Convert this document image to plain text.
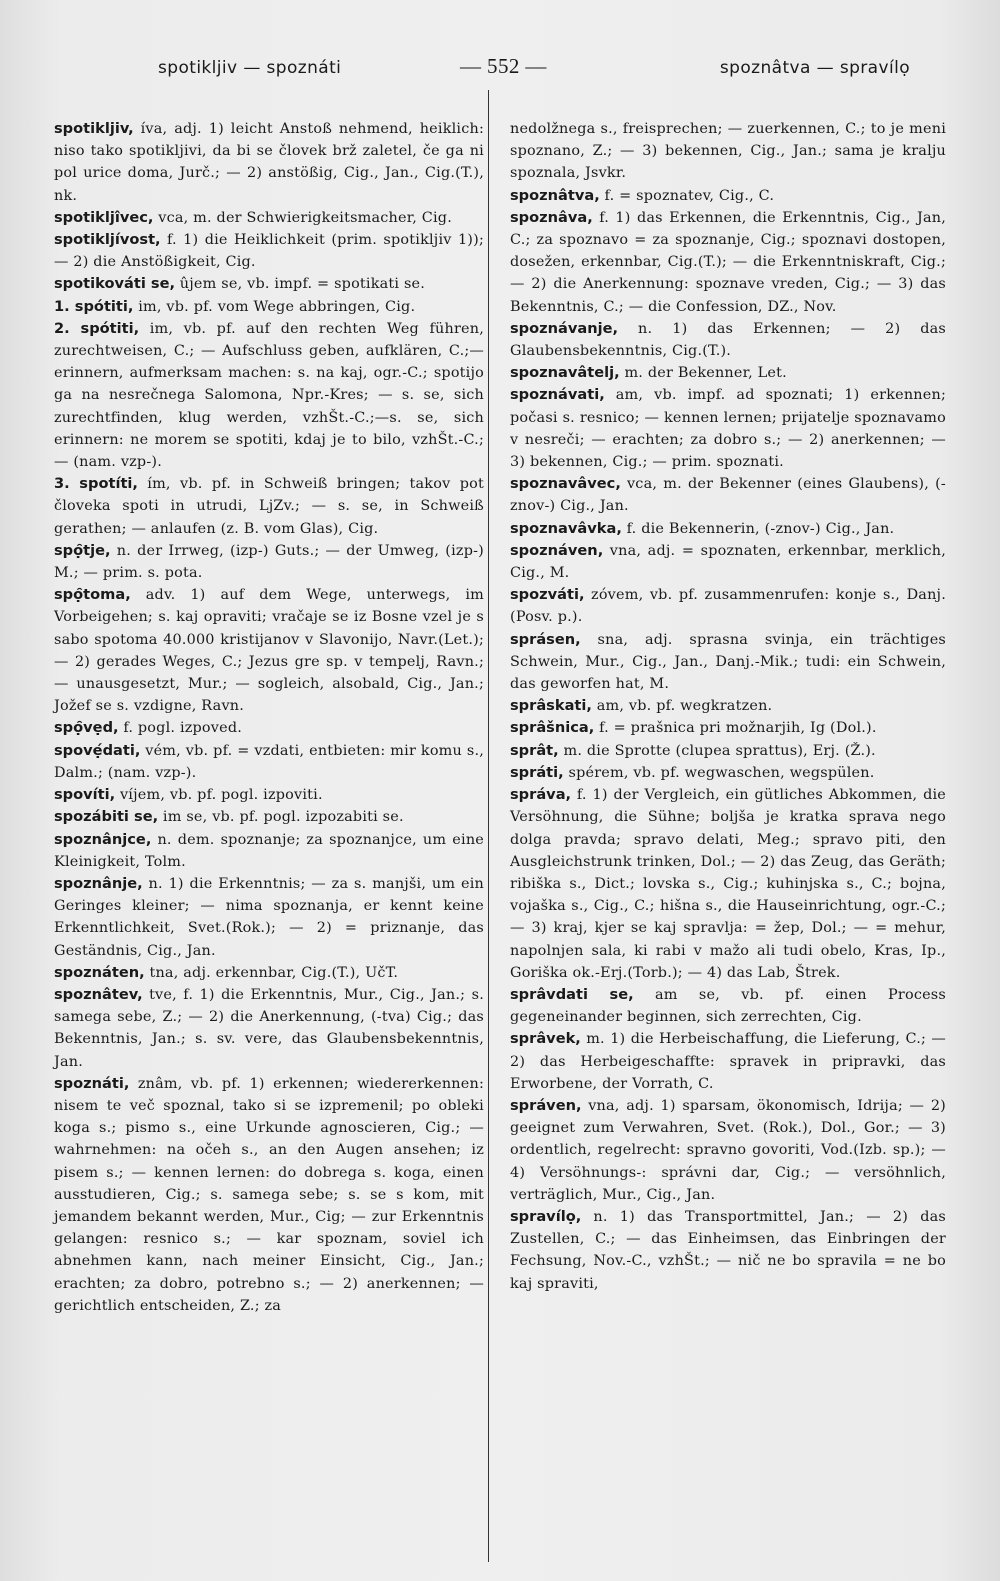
spotikljiv — spoznáti	— 552 —	spoznâtva — spravílọ
spotikljiv, íva, adj. 1) leicht Anstoß nehmend, heiklich: niso tako spotikljivi, da bi se človek brž zaletel, če ga ni pol urice doma, Jurč.; — 2) anstößig, Cig., Jan., Cig.(T.), nk.
spotikljîvec, vca, m. der Schwierigkeitsmacher, Cig.
spotikljívost, f. 1) die Heiklichkeit (prim. spotikljiv 1)); — 2) die Anstößigkeit, Cig.
spotikováti se, ûjem se, vb. impf. = spotikati se.
1. spótiti, im, vb. pf. vom Wege abbringen, Cig.
2. spótiti, im, vb. pf. auf den rechten Weg führen, zurechtweisen, C.; — Aufschluss geben, aufklären, C.;—erinnern, aufmerksam machen: s. na kaj, ogr.-C.; spotijo ga na nesrečnega Salomona, Npr.-Kres; — s. se, sich zurechtfinden, klug werden, vzhŠt.-C.;—s. se, sich erinnern: ne morem se spotiti, kdaj je to bilo, vzhŠt.-C.; — (nam. vzp-).
3. spotíti, ím, vb. pf. in Schweiß bringen; takov pot človeka spoti in utrudi, LjZv.; — s. se, in Schweiß gerathen; — anlaufen (z. B. vom Glas), Cig.
spọ̑tje, n. der Irrweg, (izp-) Guts.; — der Umweg, (izp-) M.; — prim. s. pota.
spọ̑toma, adv. 1) auf dem Wege, unterwegs, im Vorbeigehen; s. kaj opraviti; vračaje se iz Bosne vzel je s sabo spotoma 40.000 kristijanov v Slavonijo, Navr.(Let.); — 2) gerades Weges, C.; Jezus gre sp. v tempelj, Ravn.; — unausgesetzt, Mur.; — sogleich, alsobald, Cig., Jan.; Jožef se s. vzdigne, Ravn.
spọ̑vẹd, f. pogl. izpoved.
spovẹ́dati, vém, vb. pf. = vzdati, entbieten: mir komu s., Dalm.; (nam. vzp-).
spovíti, víjem, vb. pf. pogl. izpoviti.
spozábiti se, im se, vb. pf. pogl. izpozabiti se.
spoznânjce, n. dem. spoznanje; za spoznanjce, um eine Kleinigkeit, Tolm.
spoznânje, n. 1) die Erkenntnis; — za s. manjši, um ein Geringes kleiner; — nima spoznanja, er kennt keine Erkenntlichkeit, Svet.(Rok.); — 2) = priznanje, das Geständnis, Cig., Jan.
spoznáten, tna, adj. erkennbar, Cig.(T.), UčT.
spoznâtev, tve, f. 1) die Erkenntnis, Mur., Cig., Jan.; s. samega sebe, Z.; — 2) die Anerkennung, (-tva) Cig.; das Bekenntnis, Jan.; s. sv. vere, das Glaubensbekenntnis, Jan.
spoznáti, znâm, vb. pf. 1) erkennen; wiedererkennen: nisem te več spoznal, tako si se izpremenil; po obleki koga s.; pismo s., eine Urkunde agnoscieren, Cig.; — wahrnehmen: na očeh s., an den Augen ansehen; iz pisem s.; — kennen lernen: do dobrega s. koga, einen ausstudieren, Cig.; s. samega sebe; s. se s kom, mit jemandem bekannt werden, Mur., Cig; — zur Erkenntnis gelangen: resnico s.; — kar spoznam, soviel ich abnehmen kann, nach meiner Einsicht, Cig., Jan.; erachten; za dobro, potrebno s.; — 2) anerkennen; — gerichtlich entscheiden, Z.; za
nedolžnega s., freisprechen; — zuerkennen, C.; to je meni spoznano, Z.; — 3) bekennen, Cig., Jan.; sama je kralju spoznala, Jsvkr.
spoznâtva, f. = spoznatev, Cig., C.
spoznâva, f. 1) das Erkennen, die Erkenntnis, Cig., Jan, C.; za spoznavo = za spoznanje, Cig.; spoznavi dostopen, dosežen, erkennbar, Cig.(T.); — die Erkenntniskraft, Cig.; — 2) die Anerkennung: spoznave vreden, Cig.; — 3) das Bekenntnis, C.; — die Confession, DZ., Nov.
spoznávanje, n. 1) das Erkennen; — 2) das Glaubensbekenntnis, Cig.(T.).
spoznavâtelj, m. der Bekenner, Let.
spoznávati, am, vb. impf. ad spoznati; 1) erkennen; počasi s. resnico; — kennen lernen; prijatelje spoznavamo v nesreči; — erachten; za dobro s.; — 2) anerkennen; — 3) bekennen, Cig.; — prim. spoznati.
spoznavâvec, vca, m. der Bekenner (eines Glaubens), (-znov-) Cig., Jan.
spoznavâvka, f. die Bekennerin, (-znov-) Cig., Jan.
spoznáven, vna, adj. = spoznaten, erkennbar, merklich, Cig., M.
spozváti, zóvem, vb. pf. zusammenrufen: konje s., Danj.(Posv. p.).
sprásen, sna, adj. sprasna svinja, ein trächtiges Schwein, Mur., Cig., Jan., Danj.-Mik.; tudi: ein Schwein, das geworfen hat, M.
sprâskati, am, vb. pf. wegkratzen.
sprâšnica, f. = prašnica pri možnarjih, Ig (Dol.).
sprât, m. die Sprotte (clupea sprattus), Erj. (Ž.).
spráti, spérem, vb. pf. wegwaschen, wegspülen.
správa, f. 1) der Vergleich, ein gütliches Abkommen, die Versöhnung, die Sühne; boljša je kratka sprava nego dolga pravda; spravo delati, Meg.; spravo piti, den Ausgleichstrunk trinken, Dol.; — 2) das Zeug, das Geräth; ribiška s., Dict.; lovska s., Cig.; kuhinjska s., C.; bojna, vojaška s., Cig., C.; hišna s., die Hauseinrichtung, ogr.-C.; — 3) kraj, kjer se kaj spravlja: = žep, Dol.; — = mehur, napolnjen sala, ki rabi v mažo ali tudi obelo, Kras, Ip., Goriška ok.-Erj.(Torb.); — 4) das Lab, Štrek.
sprâvdati se, am se, vb. pf. einen Process gegeneinander beginnen, sich zerrechten, Cig.
sprâvek, m. 1) die Herbeischaffung, die Lieferung, C.; — 2) das Herbeigeschaffte: spravek in pripravki, das Erworbene, der Vorrath, C.
správen, vna, adj. 1) sparsam, ökonomisch, Idrija; — 2) geeignet zum Verwahren, Svet. (Rok.), Dol., Gor.; — 3) ordentlich, regelrecht: spravno govoriti, Vod.(Izb. sp.); — 4) Versöhnungs-: správni dar, Cig.; — versöhnlich, verträglich, Mur., Cig., Jan.
spravílọ, n. 1) das Transportmittel, Jan.; — 2) das Zustellen, C.; — das Einheimsen, das Einbringen der Fechsung, Nov.-C., vzhŠt.; — nič ne bo spravila = ne bo kaj spraviti,
